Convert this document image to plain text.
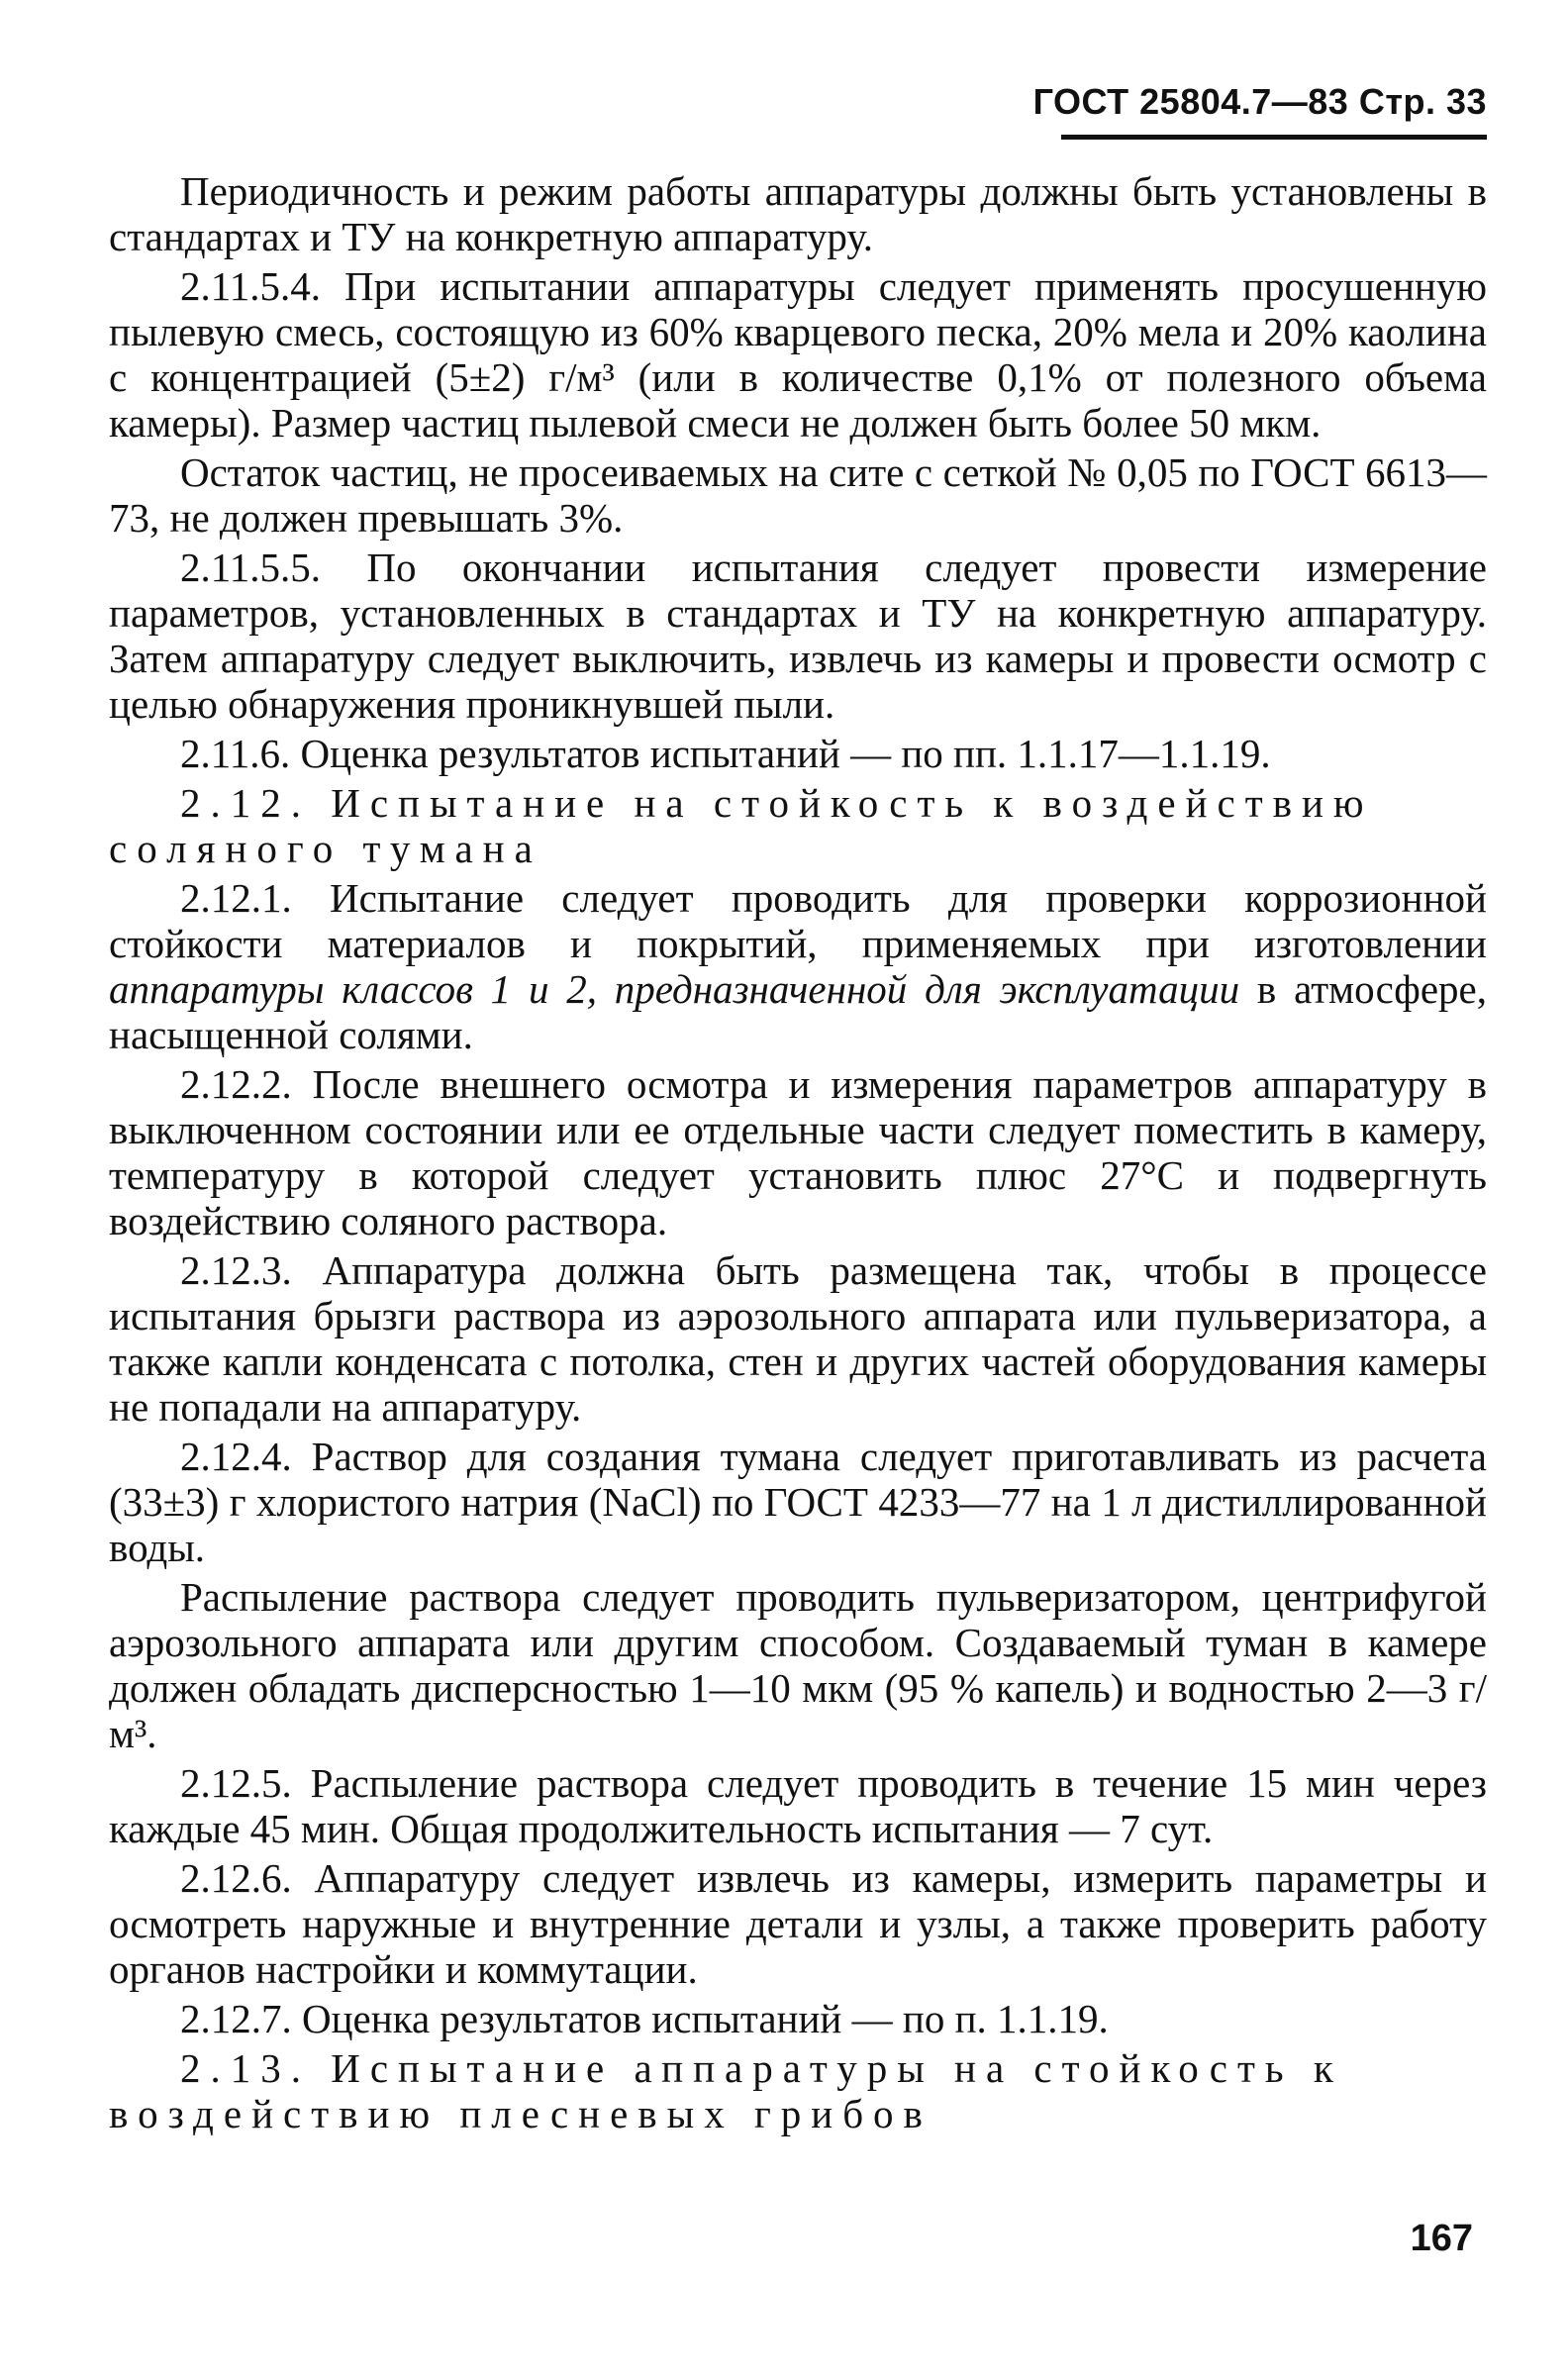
ГОСТ 25804.7—83 Стр. 33

Периодичность и режим работы аппаратуры должны быть установлены в стандартах и ТУ на конкретную аппаратуру.

2.11.5.4. При испытании аппаратуры следует применять просушенную пылевую смесь, состоящую из 60% кварцевого песка, 20% мела и 20% каолина с концентрацией (5±2) г/м³ (или в количестве 0,1% от полезного объема камеры). Размер частиц пылевой смеси не должен быть более 50 мкм.

Остаток частиц, не просеиваемых на сите с сеткой № 0,05 по ГОСТ 6613—73, не должен превышать 3%.

2.11.5.5. По окончании испытания следует провести измерение параметров, установленных в стандартах и ТУ на конкретную аппаратуру. Затем аппаратуру следует выключить, извлечь из камеры и провести осмотр с целью обнаружения проникнувшей пыли.

2.11.6. Оценка результатов испытаний — по пп. 1.1.17—1.1.19.

2.12. Испытание на стойкость к воздействию соляного тумана

2.12.1. Испытание следует проводить для проверки коррозионной стойкости материалов и покрытий, применяемых при изготовлении аппаратуры классов 1 и 2, предназначенной для эксплуатации в атмосфере, насыщенной солями.

2.12.2. После внешнего осмотра и измерения параметров аппаратуру в выключенном состоянии или ее отдельные части следует поместить в камеру, температуру в которой следует установить плюс 27°С и подвергнуть воздействию соляного раствора.

2.12.3. Аппаратура должна быть размещена так, чтобы в процессе испытания брызги раствора из аэрозольного аппарата или пульверизатора, а также капли конденсата с потолка, стен и других частей оборудования камеры не попадали на аппаратуру.

2.12.4. Раствор для создания тумана следует приготавливать из расчета (33±3) г хлористого натрия (NaCl) по ГОСТ 4233—77 на 1 л дистиллированной воды.

Распыление раствора следует проводить пульверизатором, центрифугой аэрозольного аппарата или другим способом. Создаваемый туман в камере должен обладать дисперсностью 1—10 мкм (95 % капель) и водностью 2—3 г/м³.

2.12.5. Распыление раствора следует проводить в течение 15 мин через каждые 45 мин. Общая продолжительность испытания — 7 сут.

2.12.6. Аппаратуру следует извлечь из камеры, измерить параметры и осмотреть наружные и внутренние детали и узлы, а также проверить работу органов настройки и коммутации.

2.12.7. Оценка результатов испытаний — по п. 1.1.19.

2.13. Испытание аппаратуры на стойкость к воздействию плесневых грибов

167
